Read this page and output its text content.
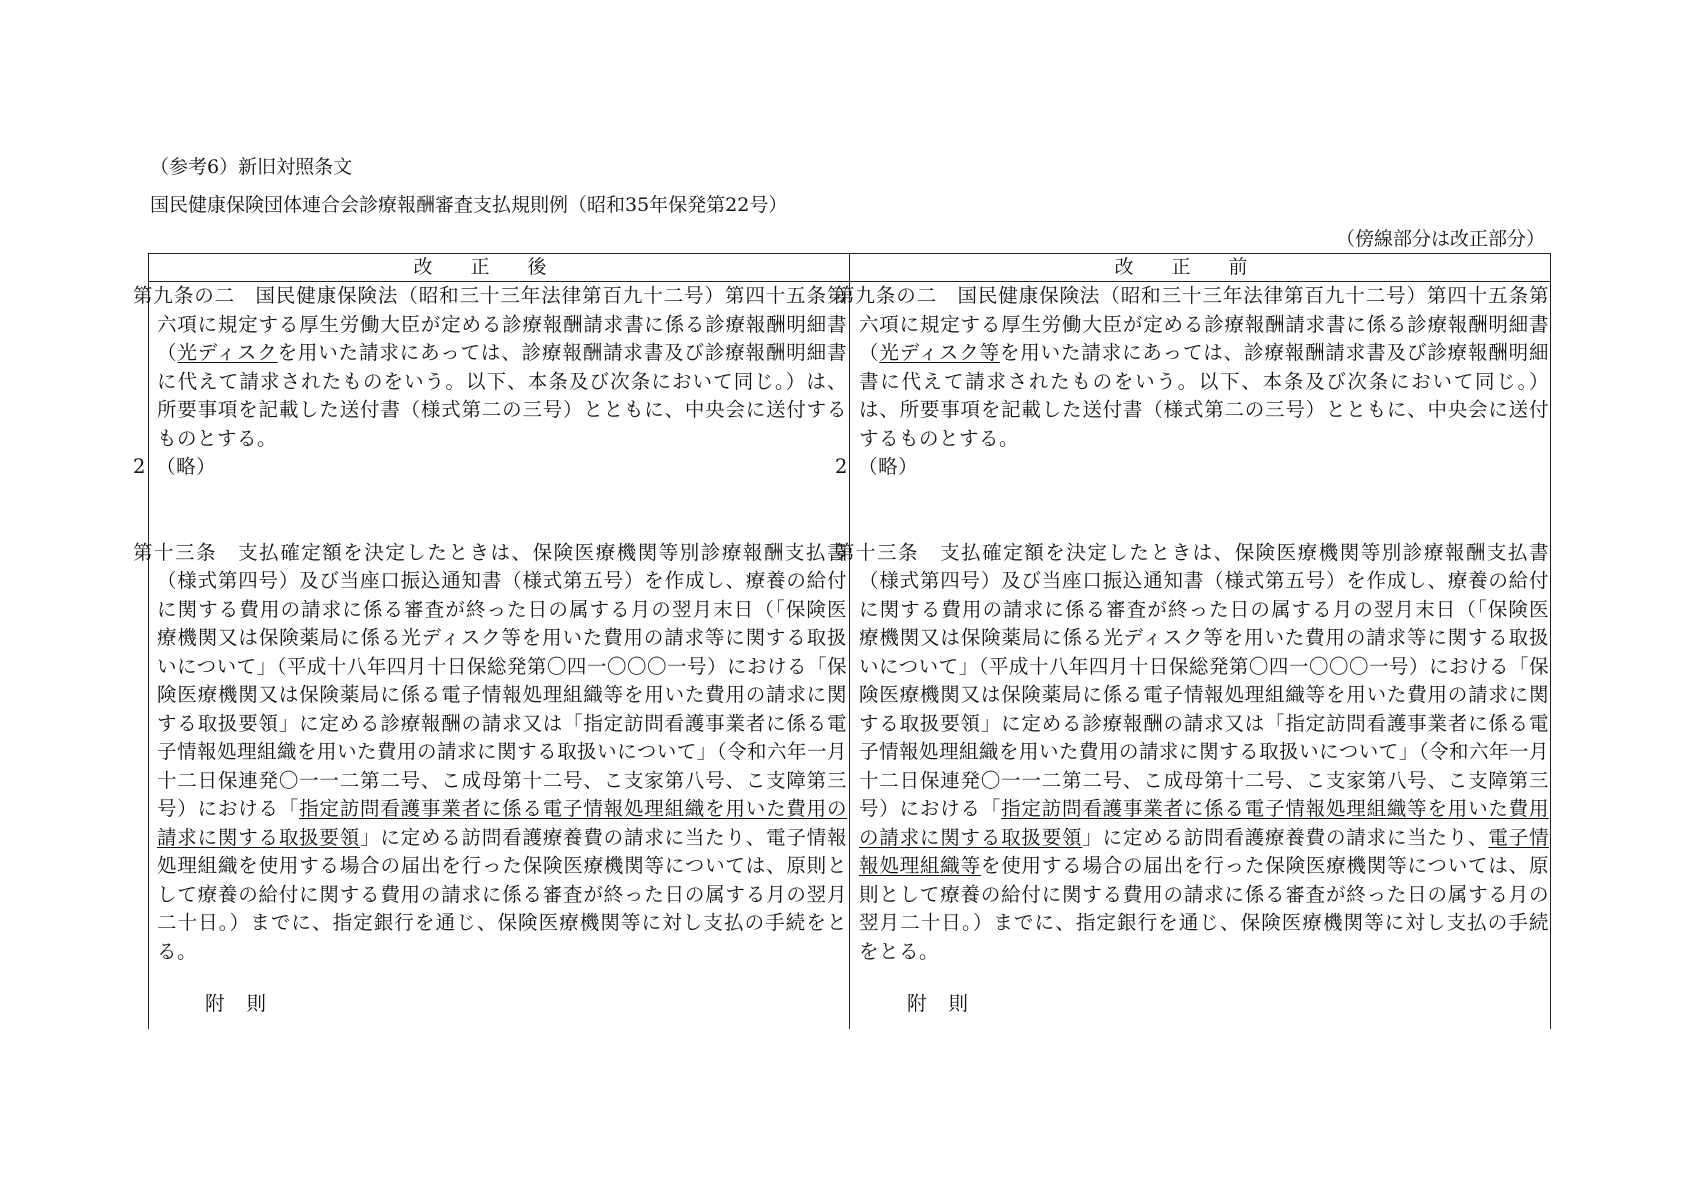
（参考6）新旧対照条文
国民健康保険団体連合会診療報酬審査支払規則例（昭和35年保発第22号）
（傍線部分は改正部分）
改正後	改正前

第九条の二　国民健康保険法（昭和三十三年法律第百九十二号）第四十五条第六項に規定する厚生労働大臣が定める診療報酬請求書に係る診療報酬明細書（光ディスクを用いた請求にあっては、診療報酬請求書及び診療報酬明細書に代えて請求されたものをいう。以下、本条及び次条において同じ。）は、所要事項を記載した送付書（様式第二の三号）とともに、中央会に送付するものとする。

2　（略）

第十三条　支払確定額を決定したときは、保険医療機関等別診療報酬支払書（様式第四号）及び当座口振込通知書（様式第五号）を作成し、療養の給付に関する費用の請求に係る審査が終った日の属する月の翌月末日（「保険医療機関又は保険薬局に係る光ディスク等を用いた費用の請求等に関する取扱いについて」（平成十八年四月十日保総発第〇四一〇〇〇一号）における「保険医療機関又は保険薬局に係る電子情報処理組織等を用いた費用の請求に関する取扱要領」に定める診療報酬の請求又は「指定訪問看護事業者に係る電子情報処理組織を用いた費用の請求に関する取扱いについて」（令和六年一月十二日保連発〇一一二第二号、こ成母第十二号、こ支家第八号、こ支障第三号）における「指定訪問看護事業者に係る電子情報処理組織を用いた費用の請求に関する取扱要領」に定める訪問看護療養費の請求に当たり、電子情報処理組織を使用する場合の届出を行った保険医療機関等については、原則として療養の給付に関する費用の請求に係る審査が終った日の属する月の翌月二十日。）までに、指定銀行を通じ、保険医療機関等に対し支払の手続をとる。

附則

第九条の二　国民健康保険法（昭和三十三年法律第百九十二号）第四十五条第六項に規定する厚生労働大臣が定める診療報酬請求書に係る診療報酬明細書（光ディスク等を用いた請求にあっては、診療報酬請求書及び診療報酬明細書に代えて請求されたものをいう。以下、本条及び次条において同じ。）は、所要事項を記載した送付書（様式第二の三号）とともに、中央会に送付するものとする。

2　（略）

第十三条　支払確定額を決定したときは、保険医療機関等別診療報酬支払書（様式第四号）及び当座口振込通知書（様式第五号）を作成し、療養の給付に関する費用の請求に係る審査が終った日の属する月の翌月末日（「保険医療機関又は保険薬局に係る光ディスク等を用いた費用の請求等に関する取扱いについて」（平成十八年四月十日保総発第〇四一〇〇〇一号）における「保険医療機関又は保険薬局に係る電子情報処理組織等を用いた費用の請求に関する取扱要領」に定める診療報酬の請求又は「指定訪問看護事業者に係る電子情報処理組織を用いた費用の請求に関する取扱いについて」（令和六年一月十二日保連発〇一一二第二号、こ成母第十二号、こ支家第八号、こ支障第三号）における「指定訪問看護事業者に係る電子情報処理組織等を用いた費用の請求に関する取扱要領」に定める訪問看護療養費の請求に当たり、電子情報処理組織等を使用する場合の届出を行った保険医療機関等については、原則として療養の給付に関する費用の請求に係る審査が終った日の属する月の翌月二十日。）までに、指定銀行を通じ、保険医療機関等に対し支払の手続をとる。

附則
